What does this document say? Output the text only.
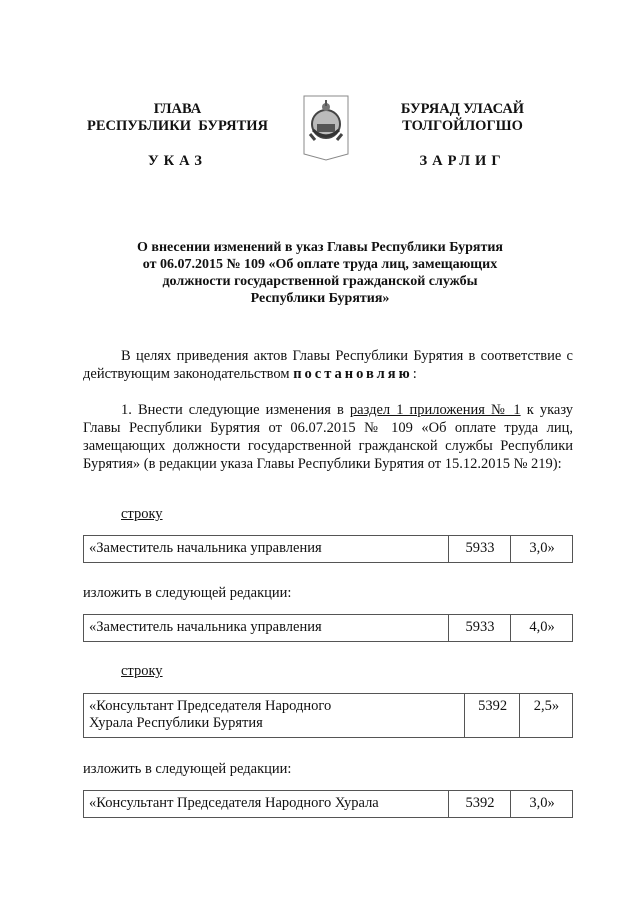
ГЛАВА
РЕСПУБЛИКИ  БУРЯТИЯ
УКАЗ
БУРЯАД УЛАСАЙ
ТОЛГОЙЛОГШО
ЗАРЛИГ
О внесении изменений в указ Главы Республики Бурятия
от 06.07.2015 № 109 «Об оплате труда лиц, замещающих
должности государственной гражданской службы
Республики Бурятия»
В целях приведения актов Главы Республики Бурятия в соответствие с действующим законодательством постановляю:
1. Внести следующие изменения в раздел 1 приложения № 1 к указу Главы Республики Бурятия от 06.07.2015 № 109 «Об оплате труда лиц, замещающих должности государственной гражданской службы Республики Бурятия» (в редакции указа Главы Республики Бурятия от 15.12.2015 № 219):
строку
«Заместитель начальника управления	5933	3,0»
изложить в следующей редакции:
«Заместитель начальника управления	5933	4,0»
строку
«Консультант Председателя Народного Хурала Республики Бурятия	5392	2,5»
изложить в следующей редакции:
«Консультант Председателя Народного Хурала	5392	3,0»
